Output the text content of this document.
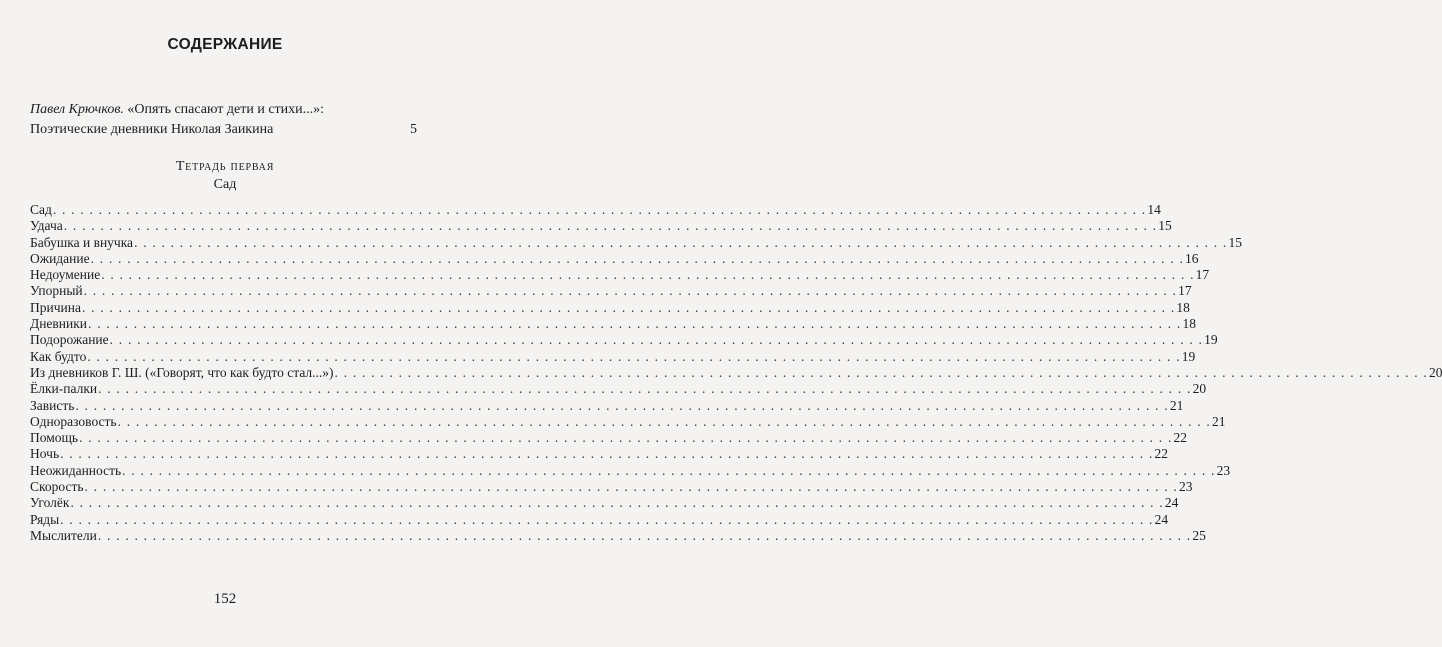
СОДЕРЖАНИЕ
Павел Крючков. «Опять спасают дети и стихи...»:
Поэтические дневники Николая Заикина	5
Тетрадь первая
Сад
Сад . . . . . . . . . . . . . . . . . . . . . . . . . . . . . . . . . . . . . . . . . . . . . . . . . . . . . . . . . . . . . . . . . . . . . . . . . . . . . . . . . . . . . . . . . . . . . . . . . . . . . . . . . . . . . . . . . . . . . . . . 14
Удача . . . . . . . . . . . . . . . . . . . . . . . . . . . . . . . . . . . . . . . . . . . . . . . . . . . . . . . . . . . . . . . . . . . . . . . . . . . . . . . . . . . . . . . . . . . . . . . . . . . . . . . . . . . . . . . . . . . . . . . . 15
Бабушка и внучка . . . . . . . . . . . . . . . . . . . . . . . . . . . . . . . . . . . . . . . . . . . . . . . . . . . . . . . . . . . . . . . . . . . . . . . . . . . . . . . . . . . . . . . . . . . . . . . . . . . . . . . . . . . . . . . . . . . . . . . . 15
Ожидание . . . . . . . . . . . . . . . . . . . . . . . . . . . . . . . . . . . . . . . . . . . . . . . . . . . . . . . . . . . . . . . . . . . . . . . . . . . . . . . . . . . . . . . . . . . . . . . . . . . . . . . . . . . . . . . . . . . . . . . . 16
Недоумение . . . . . . . . . . . . . . . . . . . . . . . . . . . . . . . . . . . . . . . . . . . . . . . . . . . . . . . . . . . . . . . . . . . . . . . . . . . . . . . . . . . . . . . . . . . . . . . . . . . . . . . . . . . . . . . . . . . . . . . . 17
Упорный . . . . . . . . . . . . . . . . . . . . . . . . . . . . . . . . . . . . . . . . . . . . . . . . . . . . . . . . . . . . . . . . . . . . . . . . . . . . . . . . . . . . . . . . . . . . . . . . . . . . . . . . . . . . . . . . . . . . . . . . 17
Причина . . . . . . . . . . . . . . . . . . . . . . . . . . . . . . . . . . . . . . . . . . . . . . . . . . . . . . . . . . . . . . . . . . . . . . . . . . . . . . . . . . . . . . . . . . . . . . . . . . . . . . . . . . . . . . . . . . . . . . . . 18
Дневники . . . . . . . . . . . . . . . . . . . . . . . . . . . . . . . . . . . . . . . . . . . . . . . . . . . . . . . . . . . . . . . . . . . . . . . . . . . . . . . . . . . . . . . . . . . . . . . . . . . . . . . . . . . . . . . . . . . . . . . . 18
Подорожание . . . . . . . . . . . . . . . . . . . . . . . . . . . . . . . . . . . . . . . . . . . . . . . . . . . . . . . . . . . . . . . . . . . . . . . . . . . . . . . . . . . . . . . . . . . . . . . . . . . . . . . . . . . . . . . . . . . . . . . . 19
Как будто . . . . . . . . . . . . . . . . . . . . . . . . . . . . . . . . . . . . . . . . . . . . . . . . . . . . . . . . . . . . . . . . . . . . . . . . . . . . . . . . . . . . . . . . . . . . . . . . . . . . . . . . . . . . . . . . . . . . . . . . 19
Из дневников Г. Ш. («Говорят, что как будто стал...») . . . . . . . . . . . . . . . . . . . . . . . . . . . . . . . . . . . . . . . . . . . . . . . . . . . . . . . . . . . . . . . . . . . . . . . . . . . . . . . . . . . . . . . . . . . . . . . . . . . . . . . . . . . . . . . . . . . . . . . . 20
Ёлки-палки . . . . . . . . . . . . . . . . . . . . . . . . . . . . . . . . . . . . . . . . . . . . . . . . . . . . . . . . . . . . . . . . . . . . . . . . . . . . . . . . . . . . . . . . . . . . . . . . . . . . . . . . . . . . . . . . . . . . . . . . 20
Зависть . . . . . . . . . . . . . . . . . . . . . . . . . . . . . . . . . . . . . . . . . . . . . . . . . . . . . . . . . . . . . . . . . . . . . . . . . . . . . . . . . . . . . . . . . . . . . . . . . . . . . . . . . . . . . . . . . . . . . . . . 21
Одноразовость . . . . . . . . . . . . . . . . . . . . . . . . . . . . . . . . . . . . . . . . . . . . . . . . . . . . . . . . . . . . . . . . . . . . . . . . . . . . . . . . . . . . . . . . . . . . . . . . . . . . . . . . . . . . . . . . . . . . . . . . 21
Помощь . . . . . . . . . . . . . . . . . . . . . . . . . . . . . . . . . . . . . . . . . . . . . . . . . . . . . . . . . . . . . . . . . . . . . . . . . . . . . . . . . . . . . . . . . . . . . . . . . . . . . . . . . . . . . . . . . . . . . . . . 22
Ночь . . . . . . . . . . . . . . . . . . . . . . . . . . . . . . . . . . . . . . . . . . . . . . . . . . . . . . . . . . . . . . . . . . . . . . . . . . . . . . . . . . . . . . . . . . . . . . . . . . . . . . . . . . . . . . . . . . . . . . . . 22
Неожиданность . . . . . . . . . . . . . . . . . . . . . . . . . . . . . . . . . . . . . . . . . . . . . . . . . . . . . . . . . . . . . . . . . . . . . . . . . . . . . . . . . . . . . . . . . . . . . . . . . . . . . . . . . . . . . . . . . . . . . . . . 23
Скорость . . . . . . . . . . . . . . . . . . . . . . . . . . . . . . . . . . . . . . . . . . . . . . . . . . . . . . . . . . . . . . . . . . . . . . . . . . . . . . . . . . . . . . . . . . . . . . . . . . . . . . . . . . . . . . . . . . . . . . . . 23
Уголёк . . . . . . . . . . . . . . . . . . . . . . . . . . . . . . . . . . . . . . . . . . . . . . . . . . . . . . . . . . . . . . . . . . . . . . . . . . . . . . . . . . . . . . . . . . . . . . . . . . . . . . . . . . . . . . . . . . . . . . . . 24
Ряды . . . . . . . . . . . . . . . . . . . . . . . . . . . . . . . . . . . . . . . . . . . . . . . . . . . . . . . . . . . . . . . . . . . . . . . . . . . . . . . . . . . . . . . . . . . . . . . . . . . . . . . . . . . . . . . . . . . . . . . . 24
Мыслители . . . . . . . . . . . . . . . . . . . . . . . . . . . . . . . . . . . . . . . . . . . . . . . . . . . . . . . . . . . . . . . . . . . . . . . . . . . . . . . . . . . . . . . . . . . . . . . . . . . . . . . . . . . . . . . . . . . . . . . . 25
152
